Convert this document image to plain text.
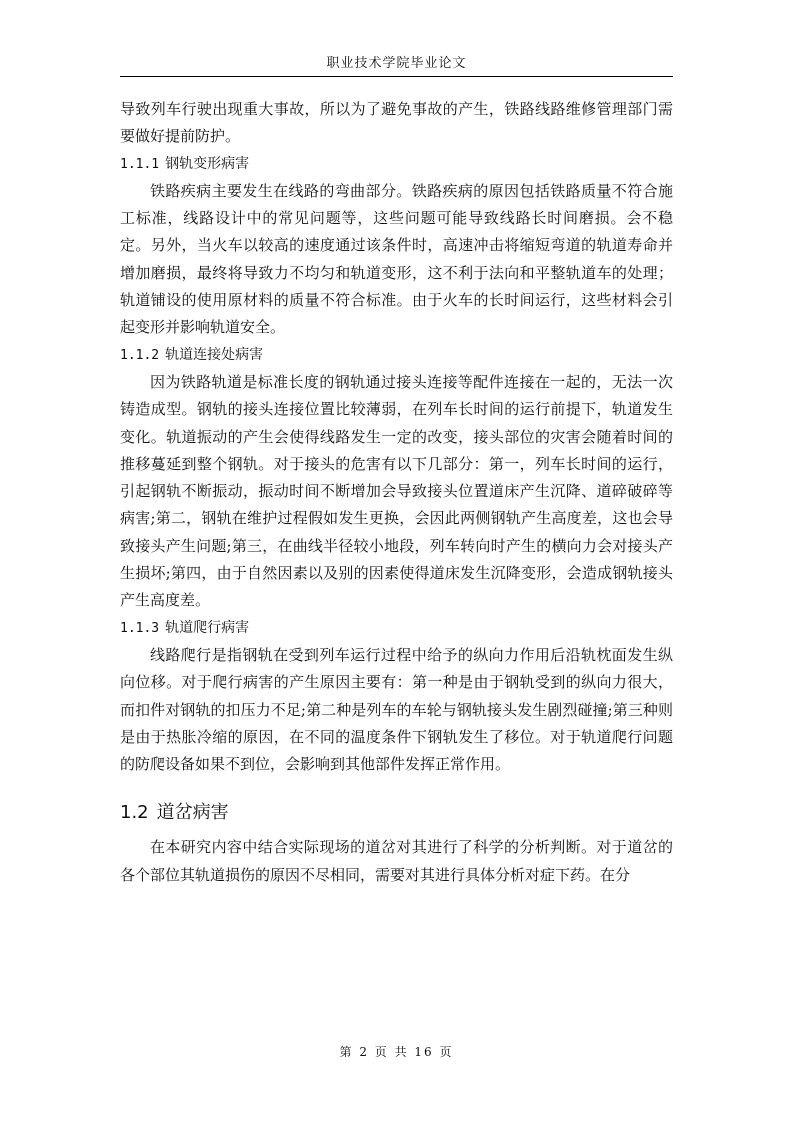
职业技术学院毕业论文

导致列车行驶出现重大事故，所以为了避免事故的产生，铁路线路维修管理部门需要做好提前防护。

1.1.1 钢轨变形病害

铁路疾病主要发生在线路的弯曲部分。铁路疾病的原因包括铁路质量不符合施工标准，线路设计中的常见问题等，这些问题可能导致线路长时间磨损。会不稳定。另外，当火车以较高的速度通过该条件时，高速冲击将缩短弯道的轨道寿命并增加磨损，最终将导致力不均匀和轨道变形，这不利于法向和平整轨道车的处理；轨道铺设的使用原材料的质量不符合标准。由于火车的长时间运行，这些材料会引起变形并影响轨道安全。

1.1.2 轨道连接处病害

因为铁路轨道是标准长度的钢轨通过接头连接等配件连接在一起的，无法一次铸造成型。钢轨的接头连接位置比较薄弱，在列车长时间的运行前提下，轨道发生变化。轨道振动的产生会使得线路发生一定的改变，接头部位的灾害会随着时间的推移蔓延到整个钢轨。对于接头的危害有以下几部分：第一，列车长时间的运行，引起钢轨不断振动，振动时间不断增加会导致接头位置道床产生沉降、道碎破碎等病害;第二，钢轨在维护过程假如发生更换，会因此两侧钢轨产生高度差，这也会导致接头产生问题;第三，在曲线半径较小地段，列车转向时产生的横向力会对接头产生损坏;第四，由于自然因素以及别的因素使得道床发生沉降变形，会造成钢轨接头产生高度差。

1.1.3 轨道爬行病害

线路爬行是指钢轨在受到列车运行过程中给予的纵向力作用后沿轨枕面发生纵向位移。对于爬行病害的产生原因主要有：第一种是由于钢轨受到的纵向力很大，而扣件对钢轨的扣压力不足;第二种是列车的车轮与钢轨接头发生剧烈碰撞;第三种则是由于热胀冷缩的原因，在不同的温度条件下钢轨发生了移位。对于轨道爬行问题的防爬设备如果不到位，会影响到其他部件发挥正常作用。

1.2 道岔病害

在本研究内容中结合实际现场的道岔对其进行了科学的分析判断。对于道岔的各个部位其轨道损伤的原因不尽相同，需要对其进行具体分析对症下药。在分

第 2 页 共 16 页
